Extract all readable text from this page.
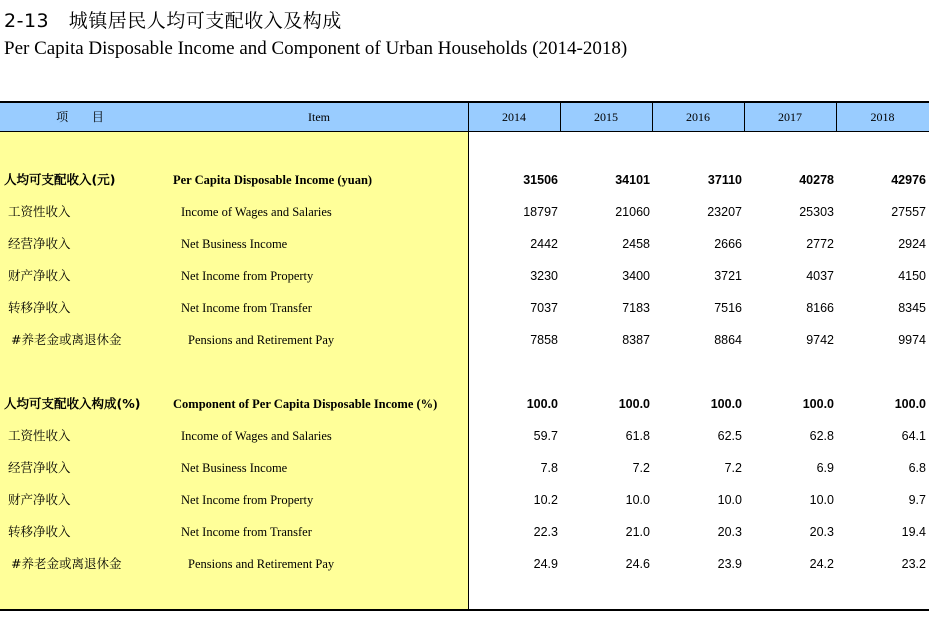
2-13 城镇居民人均可支配收入及构成
Per Capita Disposable Income and Component of Urban Households (2014-2018)
项 目	Item	2014	2015	2016	2017	2018
人均可支配收入(元)	Per Capita Disposable Income (yuan)	31506	34101	37110	40278	42976
工资性收入	Income of Wages and Salaries	18797	21060	23207	25303	27557
经营净收入	Net Business Income	2442	2458	2666	2772	2924
财产净收入	Net Income from Property	3230	3400	3721	4037	4150
转移净收入	Net Income from Transfer	7037	7183	7516	8166	8345
#养老金或离退休金	Pensions and Retirement Pay	7858	8387	8864	9742	9974
人均可支配收入构成(%)	Component of Per Capita Disposable Income (%)	100.0	100.0	100.0	100.0	100.0
工资性收入	Income of Wages and Salaries	59.7	61.8	62.5	62.8	64.1
经营净收入	Net Business Income	7.8	7.2	7.2	6.9	6.8
财产净收入	Net Income from Property	10.2	10.0	10.0	10.0	9.7
转移净收入	Net Income from Transfer	22.3	21.0	20.3	20.3	19.4
#养老金或离退休金	Pensions and Retirement Pay	24.9	24.6	23.9	24.2	23.2
